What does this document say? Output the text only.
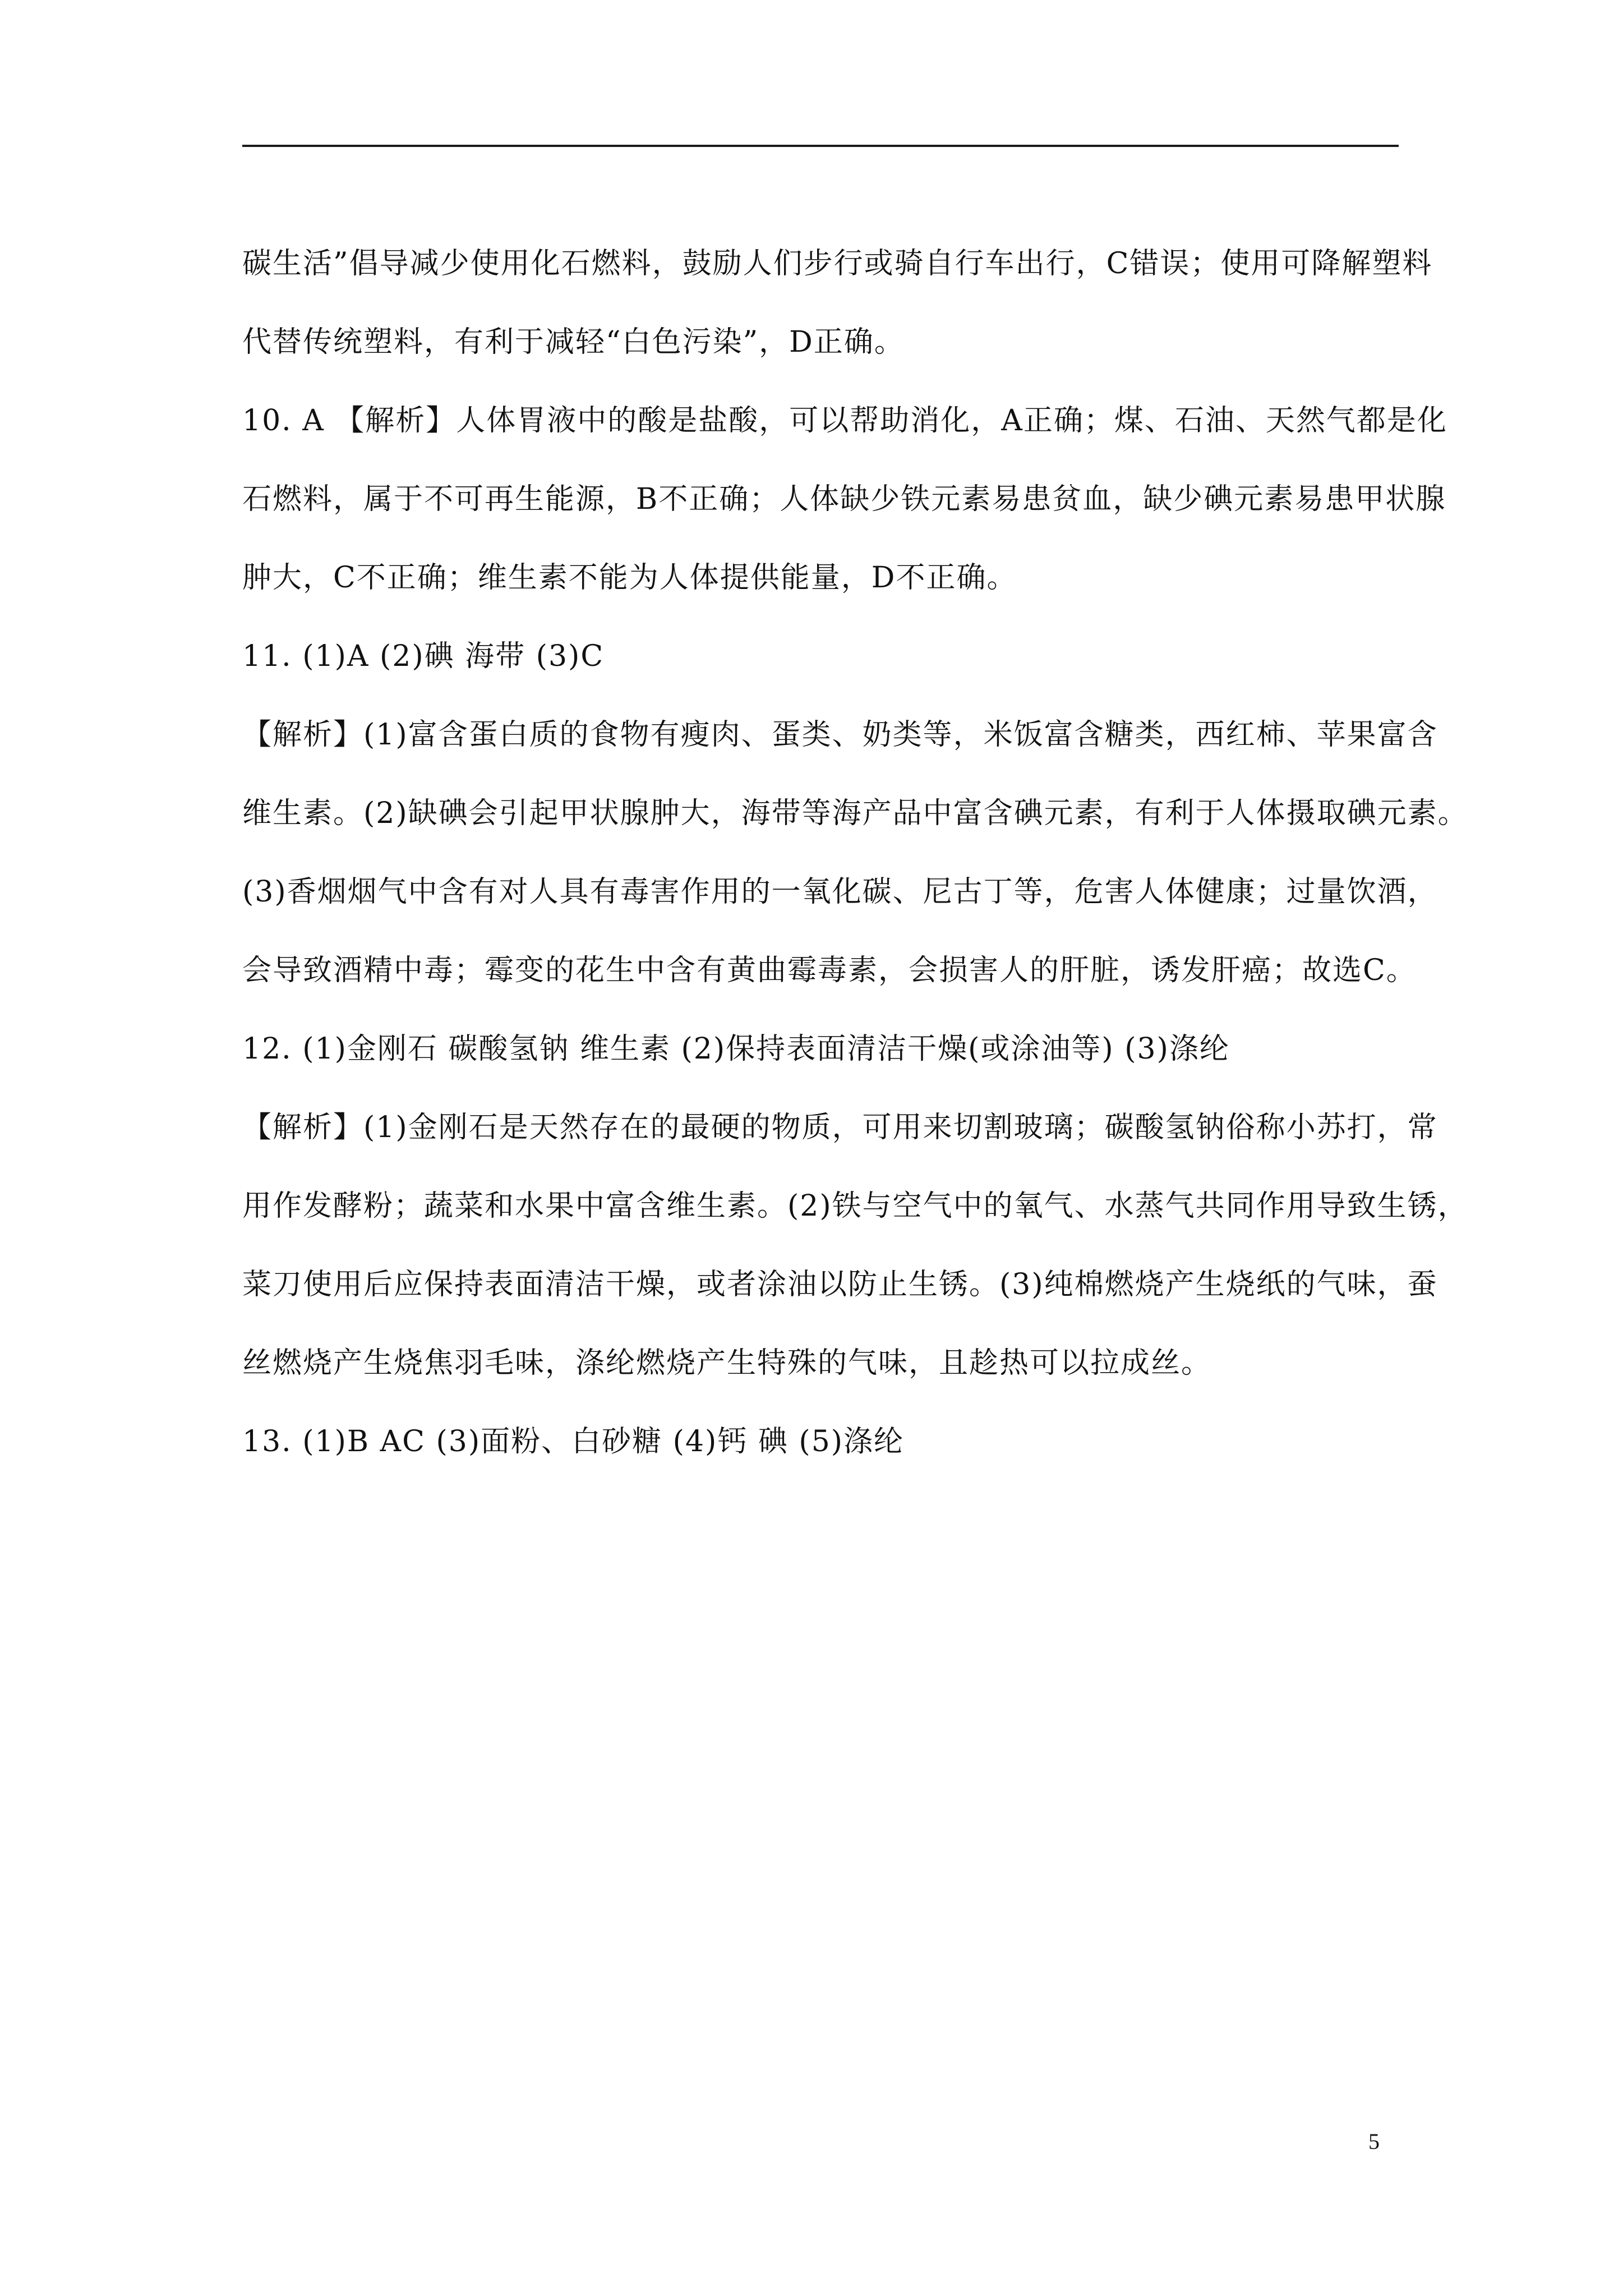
碳生活”倡导减少使用化石燃料，鼓励人们步行或骑自行车出行，C错误；使用可降解塑料
代替传统塑料，有利于减轻“白色污染”，D正确。
10. A 【解析】人体胃液中的酸是盐酸，可以帮助消化，A正确；煤、石油、天然气都是化
石燃料，属于不可再生能源，B不正确；人体缺少铁元素易患贫血，缺少碘元素易患甲状腺
肿大，C不正确；维生素不能为人体提供能量，D不正确。
11. (1)A (2)碘 海带 (3)C
【解析】(1)富含蛋白质的食物有瘦肉、蛋类、奶类等，米饭富含糖类，西红柿、苹果富含
维生素。(2)缺碘会引起甲状腺肿大，海带等海产品中富含碘元素，有利于人体摄取碘元素。
(3)香烟烟气中含有对人具有毒害作用的一氧化碳、尼古丁等，危害人体健康；过量饮酒，
会导致酒精中毒；霉变的花生中含有黄曲霉毒素，会损害人的肝脏，诱发肝癌；故选C。
12. (1)金刚石 碳酸氢钠 维生素 (2)保持表面清洁干燥(或涂油等) (3)涤纶
【解析】(1)金刚石是天然存在的最硬的物质，可用来切割玻璃；碳酸氢钠俗称小苏打，常
用作发酵粉；蔬菜和水果中富含维生素。(2)铁与空气中的氧气、水蒸气共同作用导致生锈，
菜刀使用后应保持表面清洁干燥，或者涂油以防止生锈。(3)纯棉燃烧产生烧纸的气味，蚕
丝燃烧产生烧焦羽毛味，涤纶燃烧产生特殊的气味，且趁热可以拉成丝。
13. (1)B AC (3)面粉、白砂糖 (4)钙 碘 (5)涤纶
5
